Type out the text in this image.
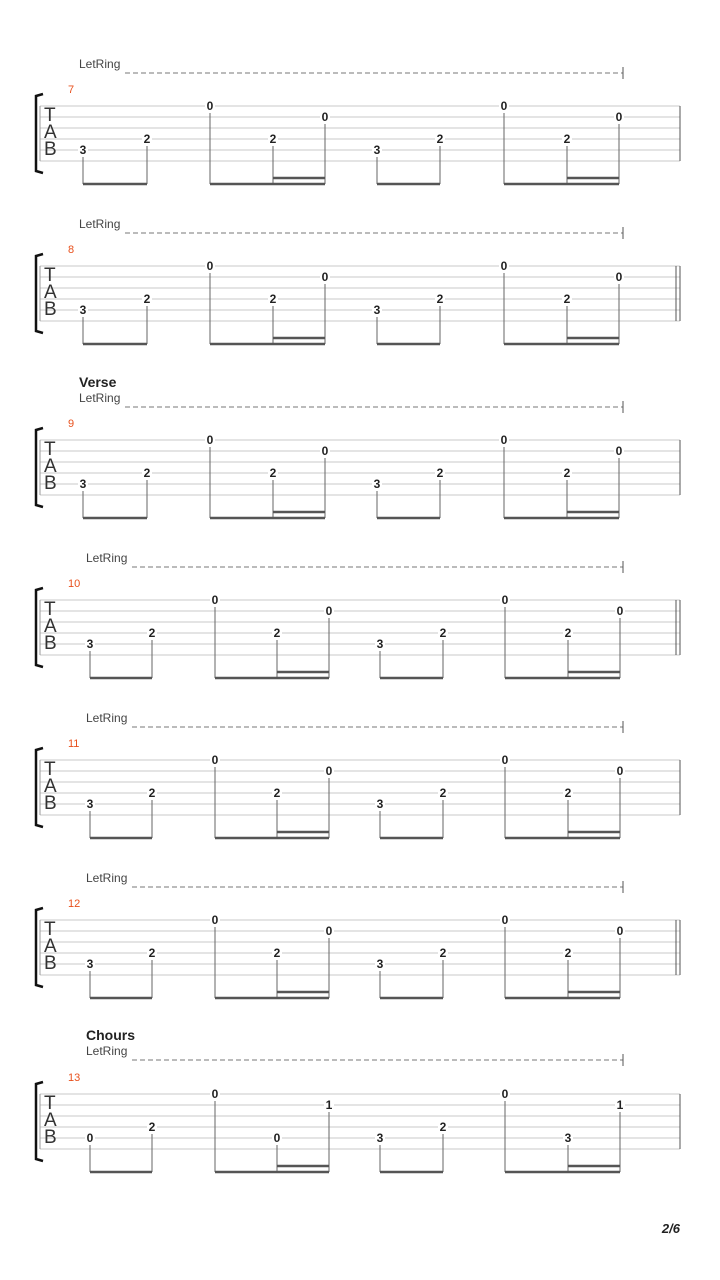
LetRing
7
T
A
B 3
2
0
2
0
3
2
0
2
0
LetRing
8
T
A
B 3
2
0
2
0
3
2
0
2
0
Verse
LetRing
9
T
A
B 3
2
0
2
0
3
2
0
2
0
LetRing
10
T
A
B 3
2
0
2
0
3
2
0
2
0
LetRing
11
T
A
B 3
2
0
2
0
3
2
0
2
0
LetRing
12
T
A
B 3
2
0
2
0
3
2
0
2
0
Chours
LetRing
13
T
A
B 0
2
0
0
1
3
2
0
3
1
2/6
